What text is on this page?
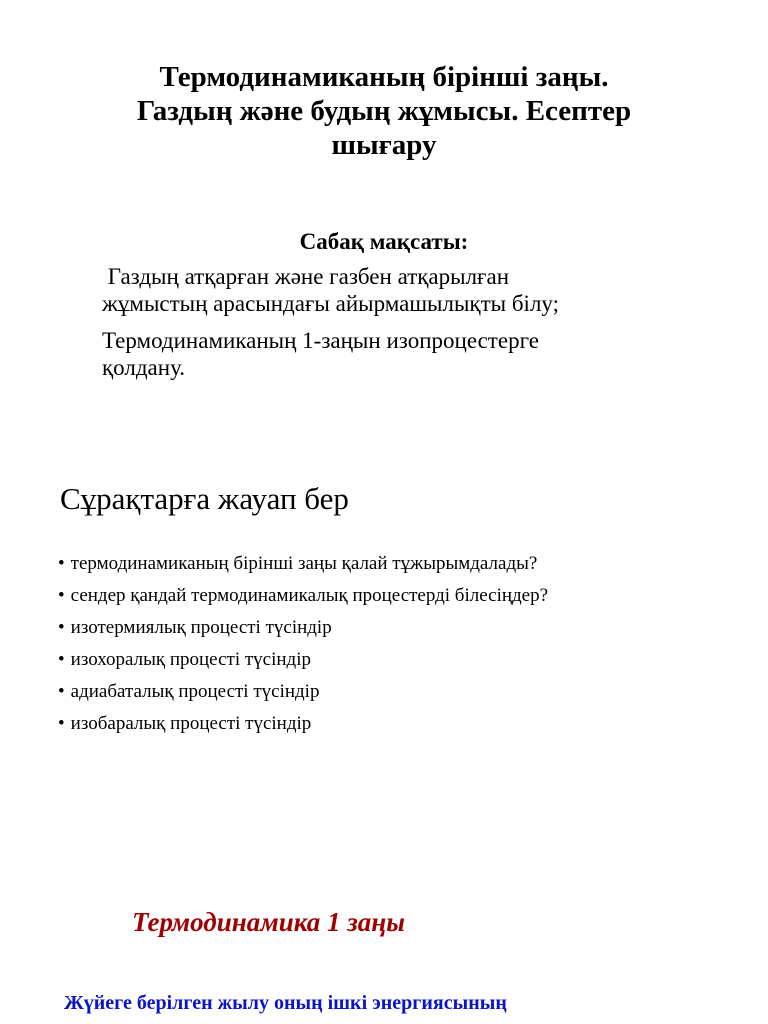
Термодинамиканың бірінші заңы.
Газдың және будың жұмысы. Есептер
шығару
Сабақ мақсаты:

Газдың атқарған және газбен атқарылған
жұмыстың арасындағы айырмашылықты білу;

Термодинамиканың 1-заңын изопроцестерге
қолдану.

Сұрақтарға жауап бер
• термодинамиканың бірінші заңы қалай тұжырымдалады?
• сендер қандай термодинамикалық процестерді білесіңдер?
• изотермиялық процесті түсіндір
• изохоралық процесті түсіндір
• адиабаталық процесті түсіндір
• изобаралық процесті түсіндір
Термодинамика 1 заңы

Жүйеге берілген жылу оның ішкі энергиясының
